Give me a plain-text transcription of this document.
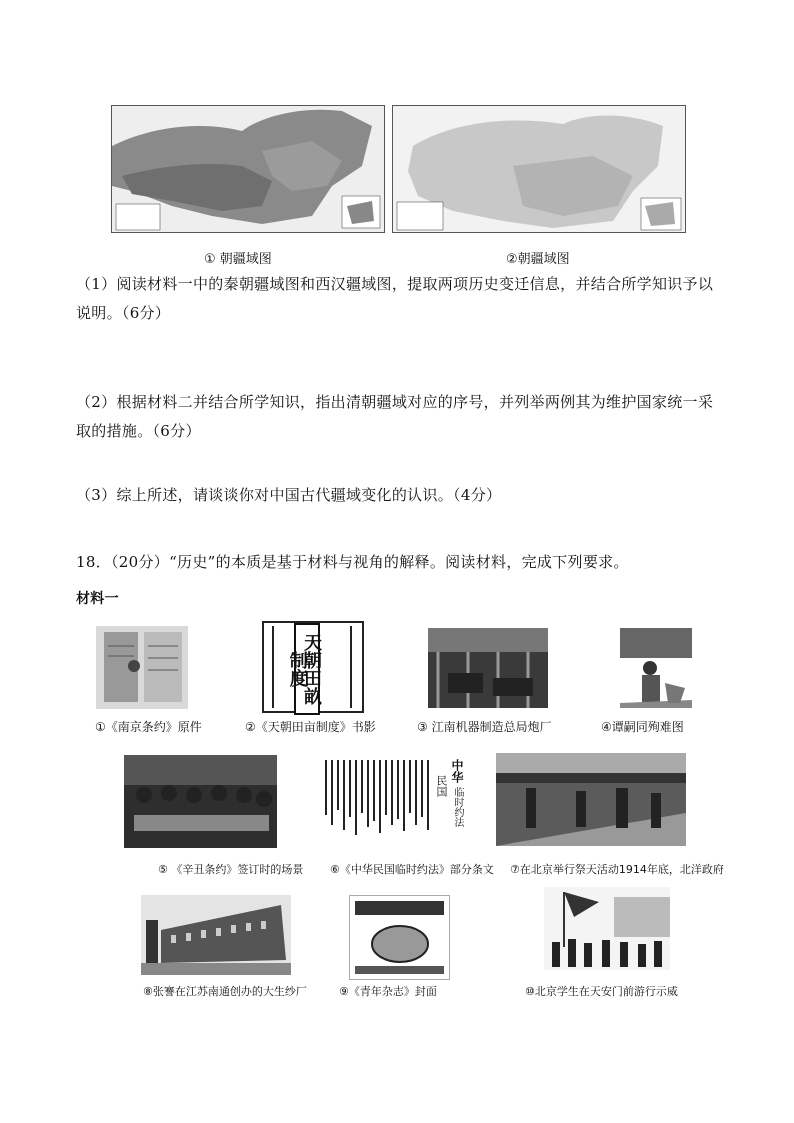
① 朝疆域图	②朝疆域图
（1）阅读材料一中的秦朝疆域图和西汉疆域图，提取两项历史变迁信息，并结合所学知识予以说明。（6分）
（2）根据材料二并结合所学知识，指出清朝疆域对应的序号，并列举两例其为维护国家统一采取的措施。（6分）
（3）综上所述，请谈谈你对中国古代疆域变化的认识。（4分）
18．（20分）“历史”的本质是基于材料与视角的解释。阅读材料，完成下列要求。
材料一
天朝田畝制度
①《南京条约》原件	②《天朝田亩制度》书影	③ 江南机器制造总局炮厂	④谭嗣同殉难图
中华
民国
临时约法
⑤ 《辛丑条约》签订时的场景 ⑥《中华民国临时约法》部分条文 ⑦在北京举行祭天活动1914年底，北洋政府
⑧张謇在江苏南通创办的大生纱厂	⑨《青年杂志》封面	⑩北京学生在天安门前游行示威
